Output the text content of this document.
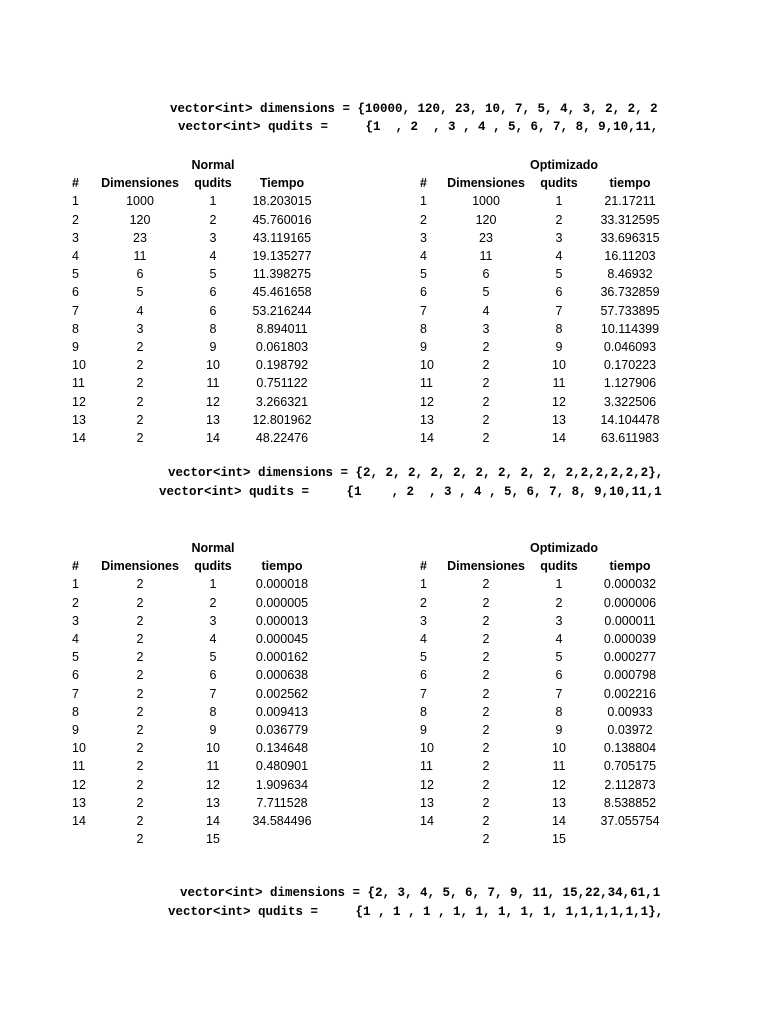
vector<int> dimensions = {10000, 120, 23, 10, 7, 5, 4, 3, 2, 2, 2
vector<int> qudits =     {1  , 2  , 3 , 4 , 5, 6, 7, 8, 9,10,11,
		Normal	
#	Dimensiones	qudits	Tiempo
1	1000	1	18.203015
2	120	2	45.760016
3	23	3	43.119165
4	11	4	19.135277
5	6	5	11.398275
6	5	6	45.461658
7	4	6	53.216244
8	3	8	8.894011
9	2	9	0.061803
10	2	10	0.198792
11	2	11	0.751122
12	2	12	3.266321
13	2	13	12.801962
14	2	14	48.22476
		Optimizado	
#	Dimensiones	qudits	tiempo
1	1000	1	21.17211
2	120	2	33.312595
3	23	3	33.696315
4	11	4	16.11203
5	6	5	8.46932
6	5	6	36.732859
7	4	7	57.733895
8	3	8	10.114399
9	2	9	0.046093
10	2	10	0.170223
11	2	11	1.127906
12	2	12	3.322506
13	2	13	14.104478
14	2	14	63.611983
vector<int> dimensions = {2, 2, 2, 2, 2, 2, 2, 2, 2, 2,2,2,2,2,2},
vector<int> qudits =     {1    , 2  , 3 , 4 , 5, 6, 7, 8, 9,10,11,1
		Normal	
#	Dimensiones	qudits	tiempo
1	2	1	0.000018
2	2	2	0.000005
3	2	3	0.000013
4	2	4	0.000045
5	2	5	0.000162
6	2	6	0.000638
7	2	7	0.002562
8	2	8	0.009413
9	2	9	0.036779
10	2	10	0.134648
11	2	11	0.480901
12	2	12	1.909634
13	2	13	7.711528
14	2	14	34.584496
	2	15	
		Optimizado	
#	Dimensiones	qudits	tiempo
1	2	1	0.000032
2	2	2	0.000006
3	2	3	0.000011
4	2	4	0.000039
5	2	5	0.000277
6	2	6	0.000798
7	2	7	0.002216
8	2	8	0.00933
9	2	9	0.03972
10	2	10	0.138804
11	2	11	0.705175
12	2	12	2.112873
13	2	13	8.538852
14	2	14	37.055754
	2	15	
vector<int> dimensions = {2, 3, 4, 5, 6, 7, 9, 11, 15,22,34,61,1
vector<int> qudits =     {1 , 1 , 1 , 1, 1, 1, 1, 1, 1,1,1,1,1,1},
